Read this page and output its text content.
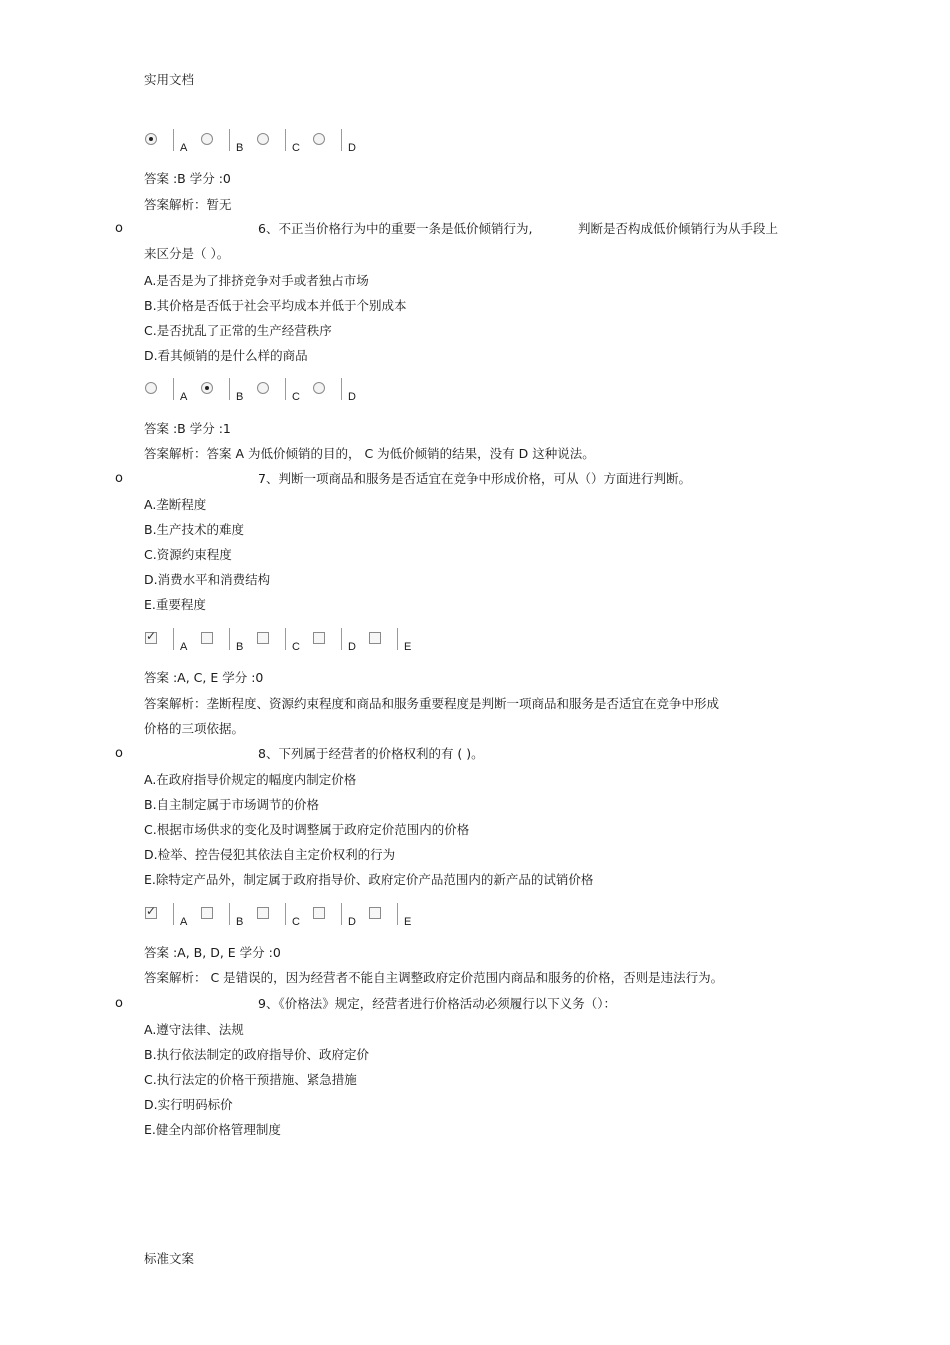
实用文档
A	B	C	D
答案 :B 学分 :0
答案解析：暂无
o	6、不正当价格行为中的重要一条是低价倾销行为,	判断是否构成低价倾销行为从手段上
来区分是（ ）。
A.是否是为了排挤竞争对手或者独占市场
B.其价格是否低于社会平均成本并低于个别成本
C.是否扰乱了正常的生产经营秩序
D.看其倾销的是什么样的商品
A	B	C	D
答案 :B 学分 :1
答案解析：答案 A 为低价倾销的目的， C 为低价倾销的结果，没有 D 这种说法。
o	7、判断一项商品和服务是否适宜在竞争中形成价格，可从（）方面进行判断。
A.垄断程度
B.生产技术的难度
C.资源约束程度
D.消费水平和消费结构
E.重要程度
✓
A	B	C	D	E
答案 :A, C, E 学分 :0
答案解析：垄断程度、资源约束程度和商品和服务重要程度是判断一项商品和服务是否适宜在竞争中形成
价格的三项依据。
o	8、下列属于经营者的价格权利的有 ( )。
A.在政府指导价规定的幅度内制定价格
B.自主制定属于市场调节的价格
C.根据市场供求的变化及时调整属于政府定价范围内的价格
D.检举、控告侵犯其依法自主定价权利的行为
E.除特定产品外，制定属于政府指导价、政府定价产品范围内的新产品的试销价格
✓
A	B	C	D	E
答案 :A, B, D, E 学分 :0
答案解析： C 是错误的，因为经营者不能自主调整政府定价范围内商品和服务的价格，否则是违法行为。
o	9、《价格法》规定，经营者进行价格活动必须履行以下义务（）：
A.遵守法律、法规
B.执行依法制定的政府指导价、政府定价
C.执行法定的价格干预措施、紧急措施
D.实行明码标价
E.健全内部价格管理制度
标准文案
